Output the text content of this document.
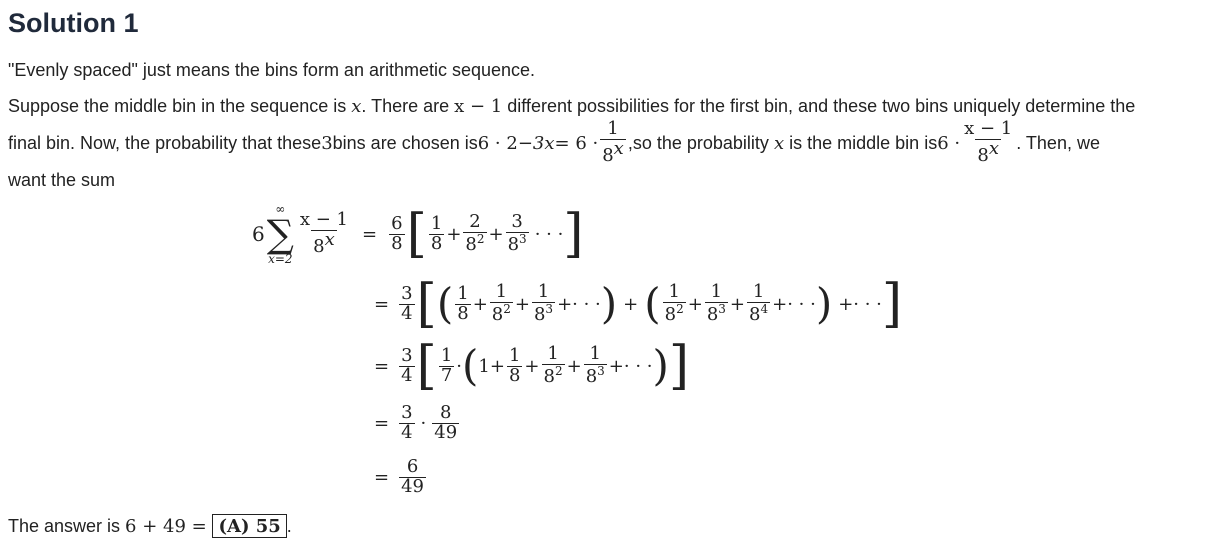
Solution 1
"Evenly spaced" just means the bins form an arithmetic sequence.
Suppose the middle bin in the sequence is x. There are x − 1 different possibilities for the first bin, and these two bins uniquely determine the
final bin. Now, the probability that these 3 bins are chosen is $6 \cdot 2 -3x = 6 \cdot \frac{1}{8^x}$ , so the probability
x
is the middle bin is $6 \cdot \frac{x - 1}{8^x}$ . Then, we
want the sum
6
∞
∑
x=2
$\frac{x - 1}{8^x} = \frac{6}{8}$ [ $\frac{1}{8} + \frac{2}{8^2} + \frac{3}{8^3}$ · · · ]
= $\frac{3}{4}$ [ ( $\frac{1}{8} + \frac{1}{8^2} + \frac{1}{8^3}$ + · · · ) + ( $\frac{1}{8^2} + \frac{1}{8^3} + \frac{1}{8^4}$ + · · · ) + · · · ]
= $\frac{3}{4}$ [ $\frac{1}{7}$ · ( $1 + \frac{1}{8} + \frac{1}{8^2} + \frac{1}{8^3}$ + · · · ) ]
= $\frac{3}{4} \cdot \frac{8}{49}$
= $\frac{6}{49}$
The answer is 6 + 49 = (A) 55 .
